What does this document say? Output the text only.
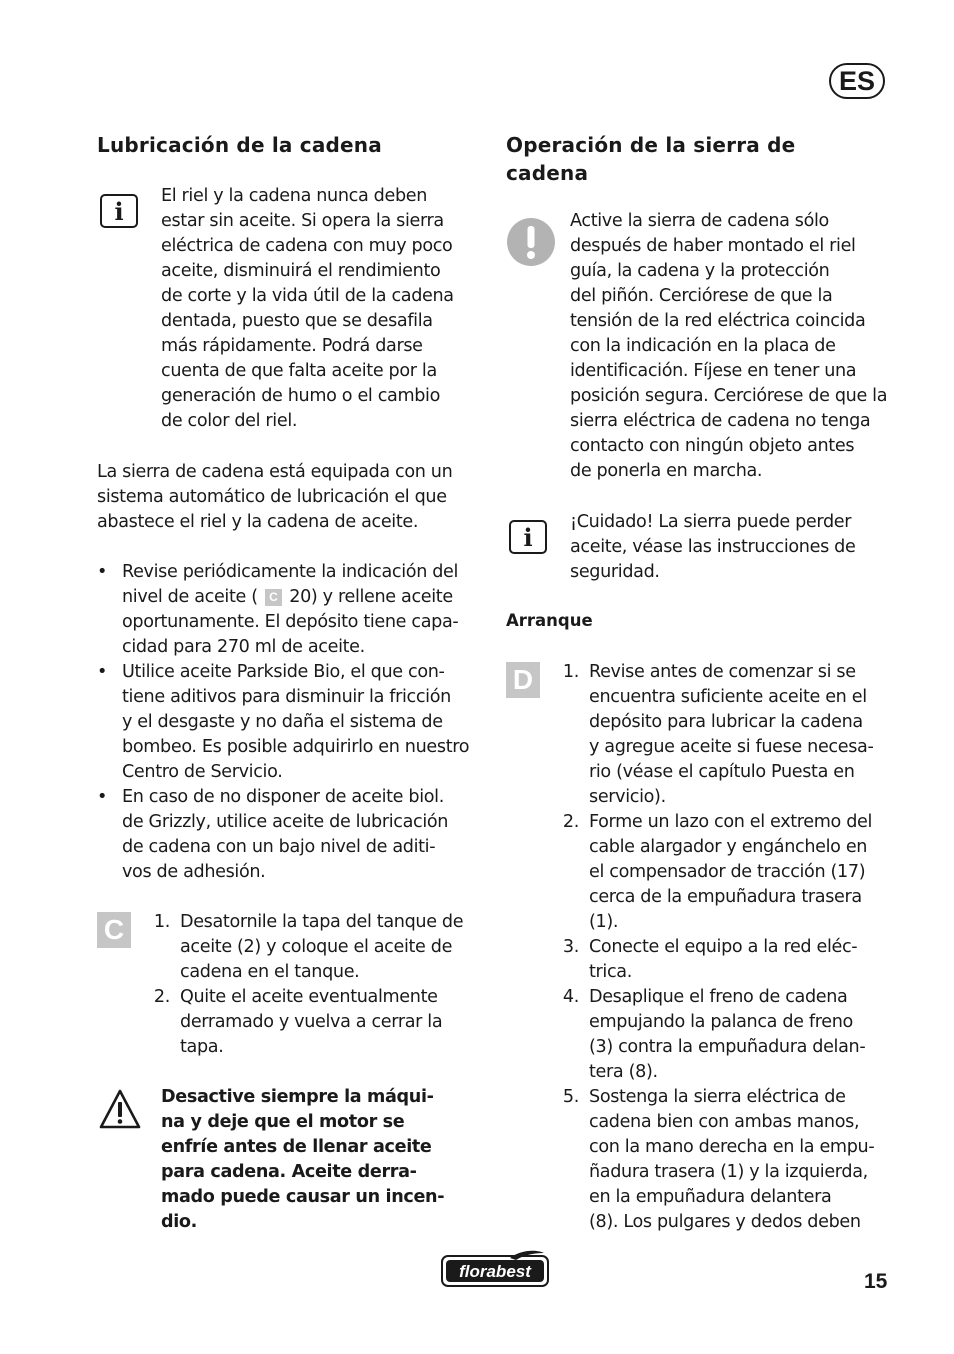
ES
Lubricación de la cadena
i
El riel y la cadena nunca deben
estar sin aceite. Si opera la sierra
eléctrica de cadena con muy poco
aceite, disminuirá el rendimiento
de corte y la vida útil de la cadena
dentada, puesto que se desafila
más rápidamente. Podrá darse
cuenta de que falta aceite por la
generación de humo o el cambio
de color del riel.
La sierra de cadena está equipada con un
sistema automático de lubricación el que
abastece el riel y la cadena de aceite.
• Revise periódicamente la indicación del
nivel de aceite ( C 20) y rellene aceite
oportunamente. El depósito tiene capa-
cidad para 270 ml de aceite.
• Utilice aceite Parkside Bio, el que con-
tiene aditivos para disminuir la fricción
y el desgaste y no daña el sistema de
bombeo. Es posible adquirirlo en nuestro
Centro de Servicio.
• En caso de no disponer de aceite biol.
de Grizzly, utilice aceite de lubricación
de cadena con un bajo nivel de aditi-
vos de adhesión.
C	1. Desatornile la tapa del tanque de
aceite (2) y coloque el aceite de
cadena en el tanque.
2. Quite el aceite eventualmente
derramado y vuelva a cerrar la
tapa.
Desactive siempre la máqui-
na y deje que el motor se
enfríe antes de llenar aceite
para cadena. Aceite derra-
mado puede causar un incen-
dio.
Operación de la sierra de
cadena
Active la sierra de cadena sólo
después de haber montado el riel
guía, la cadena y la protección
del piñón. Cerciórese de que la
tensión de la red eléctrica coincida
con la indicación en la placa de
identificación. Fíjese en tener una
posición segura. Cerciórese de que la
sierra eléctrica de cadena no tenga
contacto con ningún objeto antes
de ponerla en marcha.
i
¡Cuidado! La sierra puede perder
aceite, véase las instrucciones de
seguridad.
Arranque
D	1. Revise antes de comenzar si se
encuentra suficiente aceite en el
depósito para lubricar la cadena
y agregue aceite si fuese necesa-
rio (véase el capítulo Puesta en
servicio).
2. Forme un lazo con el extremo del
cable alargador y engánchelo en
el compensador de tracción (17)
cerca de la empuñadura trasera
(1).
3. Conecte el equipo a la red eléc-
trica.
4. Desaplique el freno de cadena
empujando la palanca de freno
(3) contra la empuñadura delan-
tera (8).
5. Sostenga la sierra eléctrica de
cadena bien con ambas manos,
con la mano derecha en la empu-
ñadura trasera (1) y la izquierda,
en la empuñadura delantera
(8). Los pulgares y dedos deben
florabest	15
